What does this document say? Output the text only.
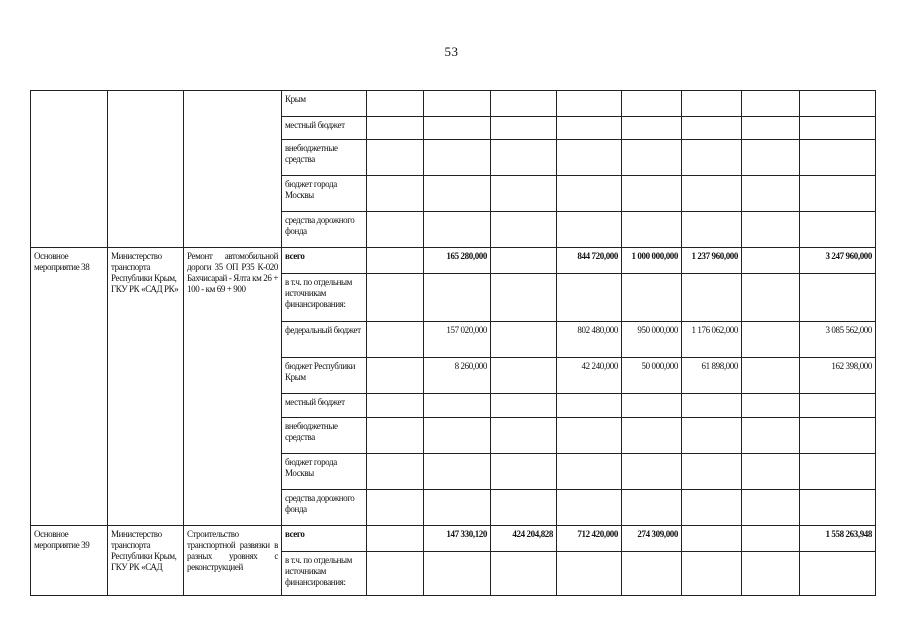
53
			Крым								
			местный бюджет								
			внебюджетные средства								
			бюджет города Москвы								
			средства дорожного фонда								
Основное мероприятие 38	Министерство транспорта Республики Крым, ГКУ РК «САД РК»	Ремонт автомобильной дороги 35 ОП Р35 К-020 Бахчисарай - Ялта км 26 + 100 - км 69 + 900	всего		165 280,000		844 720,000	1 000 000,000	1 237 960,000		3 247 960,000
			в т.ч. по отдельным источникам финансирования:								
			федеральный бюджет		157 020,000		802 480,000	950 000,000	1 176 062,000		3 085 562,000
			бюджет Республики Крым		8 260,000		42 240,000	50 000,000	61 898,000		162 398,000
			местный бюджет								
			внебюджетные средства								
			бюджет города Москвы								
			средства дорожного фонда								
Основное мероприятие 39	Министерство транспорта Республики Крым, ГКУ РК «САД	Строительство транспортной развязки в разных уровнях с реконструкцией	всего		147 330,120	424 204,828	712 420,000	274 309,000			1 558 263,948
			в т.ч. по отдельным источникам финансирования:								
